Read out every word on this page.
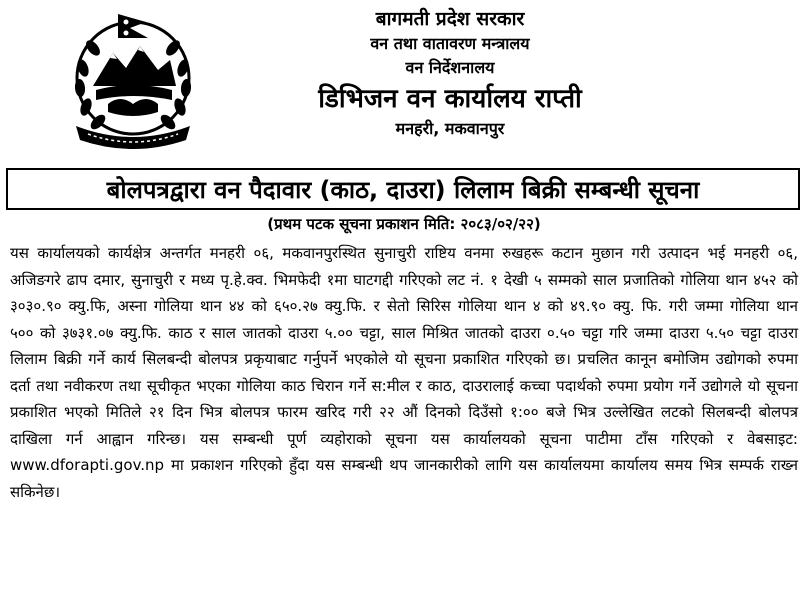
बागमती प्रदेश सरकार
वन तथा वातावरण मन्त्रालय
वन निर्देशनालय
डिभिजन वन कार्यालय राप्ती
मनहरी, मकवानपुर
बोलपत्रद्वारा वन पैदावार (काठ, दाउरा) लिलाम बिक्री सम्बन्धी सूचना
(प्रथम पटक सूचना प्रकाशन मिति: २०८३/०२/२२)

यस कार्यालयको कार्यक्षेत्र अन्तर्गत मनहरी ०६, मकवानपुरस्थित सुनाचुरी राष्टिय वनमा रुखहरू कटान मुछान गरी उत्पादन भई मनहरी ०६, अजिङगरे ढाप दमार, सुनाचुरी र मध्य पृ.हे.क्व. भिमफेदी १मा घाटगद्दी गरिएको लट नं. १ देखी ५ सम्मको साल प्रजातिको गोलिया थान ४५२ को ३०३०.९० क्यु.फि, अस्ना गोलिया थान ४४ को ६५०.२७ क्यु.फि. र सेतो सिरिस गोलिया थान ४ को ४९.९० क्यु. फि. गरी जम्मा गोलिया थान ५०० को ३७३१.०७ क्यु.फि. काठ र साल जातको दाउरा ५.०० चट्टा, साल मिश्रित जातको दाउरा ०.५० चट्टा गरि जम्मा दाउरा ५.५० चट्टा दाउरा लिलाम बिक्री गर्ने कार्य सिलबन्दी बोलपत्र प्रकृयाबाट गर्नुपर्ने भएकोले यो सूचना प्रकाशित गरिएको छ। प्रचलित कानून बमोजिम उद्योगको रुपमा दर्ता तथा नवीकरण तथा सूचीकृत भएका गोलिया काठ चिरान गर्ने स:मील र काठ, दाउरालाई कच्चा पदार्थको रुपमा प्रयोग गर्ने उद्योगले यो सूचना प्रकाशित भएको मितिले २१ दिन भित्र बोलपत्र फारम खरिद गरी २२ औं दिनको दिउँसो १:०० बजे भित्र उल्लेखित लटको सिलबन्दी बोलपत्र दाखिला गर्न आह्वान गरिन्छ। यस सम्बन्धी पूर्ण व्यहोराको सूचना यस कार्यालयको सूचना पाटीमा टाँस गरिएको र वेबसाइट: www.dforapti.gov.np मा प्रकाशन गरिएको हुँदा यस सम्बन्धी थप जानकारीको लागि यस कार्यालयमा कार्यालय समय भित्र सम्पर्क राख्न सकिनेछ।
